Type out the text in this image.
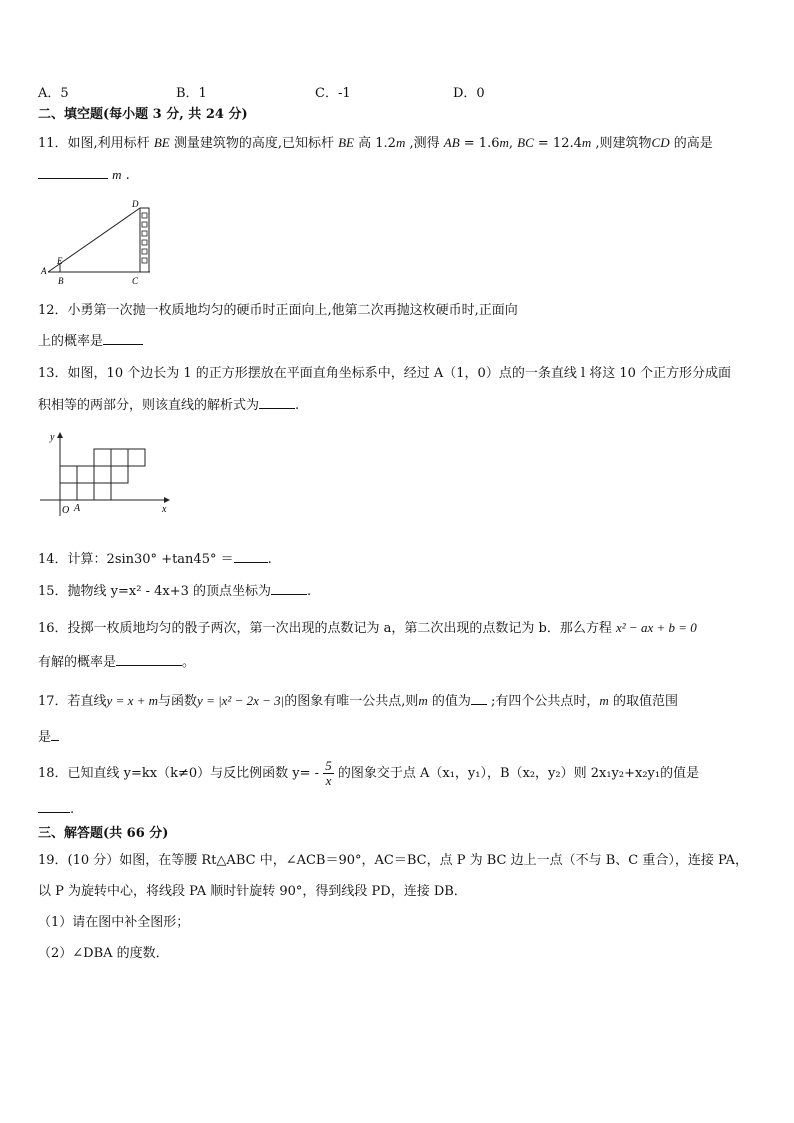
A．5	B．1	C．-1	D．0
二、填空题(每小题 3 分, 共 24 分)
11．如图,利用标杆 BE 测量建筑物的高度,已知标杆 BE 高 1.2m ,测得 AB = 1.6m, BC = 12.4m ,则建筑物CD 的高是
m .
D
E
A
B	C
12．小勇第一次抛一枚质地均匀的硬币时正面向上,他第二次再抛这枚硬币时,正面向
上的概率是
13．如图，10 个边长为 1 的正方形摆放在平面直角坐标系中，经过 A（1，0）点的一条直线 l 将这 10 个正方形分成面
积相等的两部分，则该直线的解析式为	.
y
x
O A
14．计算：2sin30° +tan45° ＝	.
15．抛物线 y=x² - 4x+3 的顶点坐标为	.
16．投掷一枚质地均匀的骰子两次，第一次出现的点数记为 a，第二次出现的点数记为 b．那么方程 x² − ax + b = 0
有解的概率是	。
17．若直线y = x + m与函数y = |x² − 2x − 3|的图象有唯一公共点,则m 的值为 ;有四个公共点时，m 的取值范围
是
18．已知直线 y=kx（k≠0）与反比例函数 $y= - \frac{5}{x}$ 的图象交于点 A（x₁，y₁），B（x₂，y₂）则 2x₁y₂+x₂y₁的值是
.
三、解答题(共 66 分)
19．(10 分）如图，在等腰 Rt△ABC 中，∠ACB＝90°，AC＝BC，点 P 为 BC 边上一点（不与 B、C 重合），连接 PA，
以 P 为旋转中心，将线段 PA 顺时针旋转 90°，得到线段 PD，连接 DB．
（1）请在图中补全图形；
（2）∠DBA 的度数．
